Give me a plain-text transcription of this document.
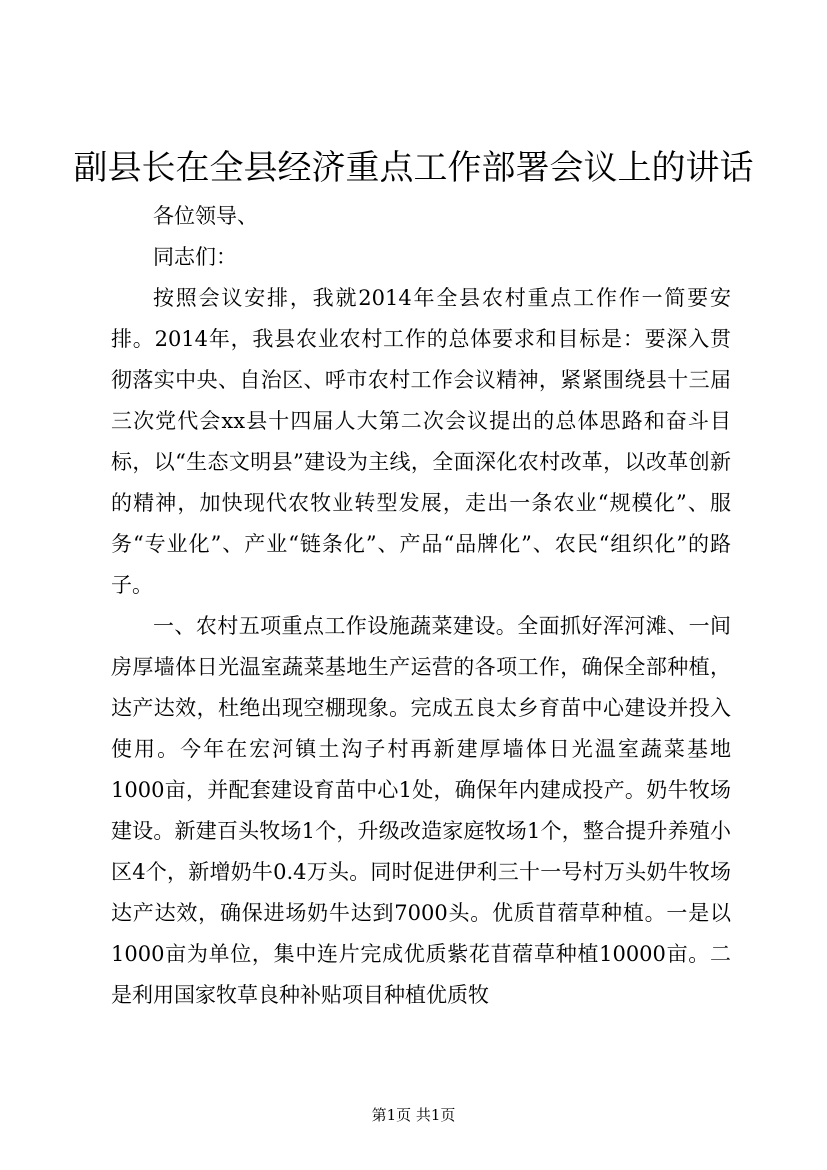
副县长在全县经济重点工作部署会议上的讲话
各位领导、
同志们：

按照会议安排，我就2014年全县农村重点工作作一简要安排。2014年，我县农业农村工作的总体要求和目标是：要深入贯彻落实中央、自治区、呼市农村工作会议精神，紧紧围绕县十三届三次党代会xx县十四届人大第二次会议提出的总体思路和奋斗目标，以“生态文明县”建设为主线，全面深化农村改革，以改革创新的精神，加快现代农牧业转型发展，走出一条农业“规模化”、服务“专业化”、产业“链条化”、产品“品牌化”、农民“组织化”的路子。

一、农村五项重点工作设施蔬菜建设。全面抓好浑河滩、一间房厚墙体日光温室蔬菜基地生产运营的各项工作，确保全部种植，达产达效，杜绝出现空棚现象。完成五良太乡育苗中心建设并投入使用。今年在宏河镇土沟子村再新建厚墙体日光温室蔬菜基地1000亩，并配套建设育苗中心1处，确保年内建成投产。奶牛牧场建设。新建百头牧场1个，升级改造家庭牧场1个，整合提升养殖小区4个，新增奶牛0.4万头。同时促进伊利三十一号村万头奶牛牧场达产达效，确保进场奶牛达到7000头。优质苜蓿草种植。一是以1000亩为单位，集中连片完成优质紫花苜蓿草种植10000亩。二是利用国家牧草良种补贴项目种植优质牧

第1页 共1页
